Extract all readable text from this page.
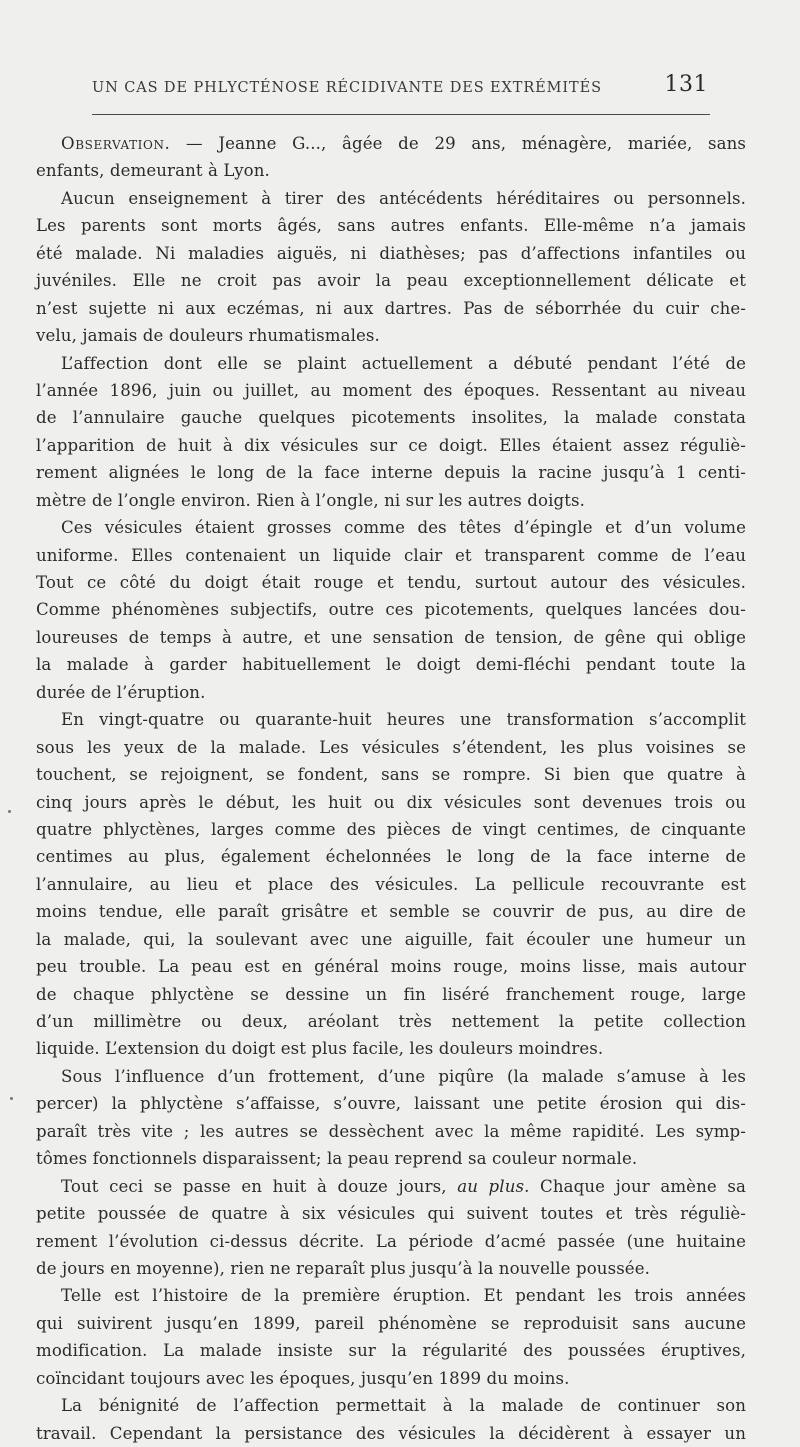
UN CAS DE PHLYCTÉNOSE RÉCIDIVANTE DES EXTRÉMITÉS	131
Observation. — Jeanne G..., âgée de 29 ans, ménagère, mariée, sans
enfants, demeurant à Lyon.
Aucun enseignement à tirer des antécédents héréditaires ou personnels.
Les parents sont morts âgés, sans autres enfants. Elle-même n’a jamais
été malade. Ni maladies aiguës, ni diathèses; pas d’affections infantiles ou
juvéniles. Elle ne croit pas avoir la peau exceptionnellement délicate et
n’est sujette ni aux eczémas, ni aux dartres. Pas de séborrhée du cuir che-
velu, jamais de douleurs rhumatismales.
L’affection dont elle se plaint actuellement a débuté pendant l’été de
l’année 1896, juin ou juillet, au moment des époques. Ressentant au niveau
de l’annulaire gauche quelques picotements insolites, la malade constata
l’apparition de huit à dix vésicules sur ce doigt. Elles étaient assez réguliè-
rement alignées le long de la face interne depuis la racine jusqu’à 1 centi-
mètre de l’ongle environ. Rien à l’ongle, ni sur les autres doigts.
Ces vésicules étaient grosses comme des têtes d’épingle et d’un volume
uniforme. Elles contenaient un liquide clair et transparent comme de l’eau
Tout ce côté du doigt était rouge et tendu, surtout autour des vésicules.
Comme phénomènes subjectifs, outre ces picotements, quelques lancées dou-
loureuses de temps à autre, et une sensation de tension, de gêne qui oblige
la malade à garder habituellement le doigt demi-fléchi pendant toute la
durée de l’éruption.
En vingt-quatre ou quarante-huit heures une transformation s’accomplit
sous les yeux de la malade. Les vésicules s’étendent, les plus voisines se
touchent, se rejoignent, se fondent, sans se rompre. Si bien que quatre à
cinq jours après le début, les huit ou dix vésicules sont devenues trois ou
quatre phlyctènes, larges comme des pièces de vingt centimes, de cinquante
centimes au plus, également échelonnées le long de la face interne de
l’annulaire, au lieu et place des vésicules. La pellicule recouvrante est
moins tendue, elle paraît grisâtre et semble se couvrir de pus, au dire de
la malade, qui, la soulevant avec une aiguille, fait écouler une humeur un
peu trouble. La peau est en général moins rouge, moins lisse, mais autour
de chaque phlyctène se dessine un fin liséré franchement rouge, large
d’un millimètre ou deux, aréolant très nettement la petite collection
liquide. L’extension du doigt est plus facile, les douleurs moindres.
Sous l’influence d’un frottement, d’une piqûre (la malade s’amuse à les
percer) la phlyctène s’affaisse, s’ouvre, laissant une petite érosion qui dis-
paraît très vite ; les autres se dessèchent avec la même rapidité. Les symp-
tômes fonctionnels disparaissent; la peau reprend sa couleur normale.
Tout ceci se passe en huit à douze jours, au plus. Chaque jour amène sa
petite poussée de quatre à six vésicules qui suivent toutes et très réguliè-
rement l’évolution ci-dessus décrite. La période d’acmé passée (une huitaine
de jours en moyenne), rien ne reparaît plus jusqu’à la nouvelle poussée.
Telle est l’histoire de la première éruption. Et pendant les trois années
qui suivirent jusqu’en 1899, pareil phénomène se reproduisit sans aucune
modification. La malade insiste sur la régularité des poussées éruptives,
coïncidant toujours avec les époques, jusqu’en 1899 du moins.
La bénignité de l’affection permettait à la malade de continuer son
travail. Cependant la persistance des vésicules la décidèrent à essayer un
